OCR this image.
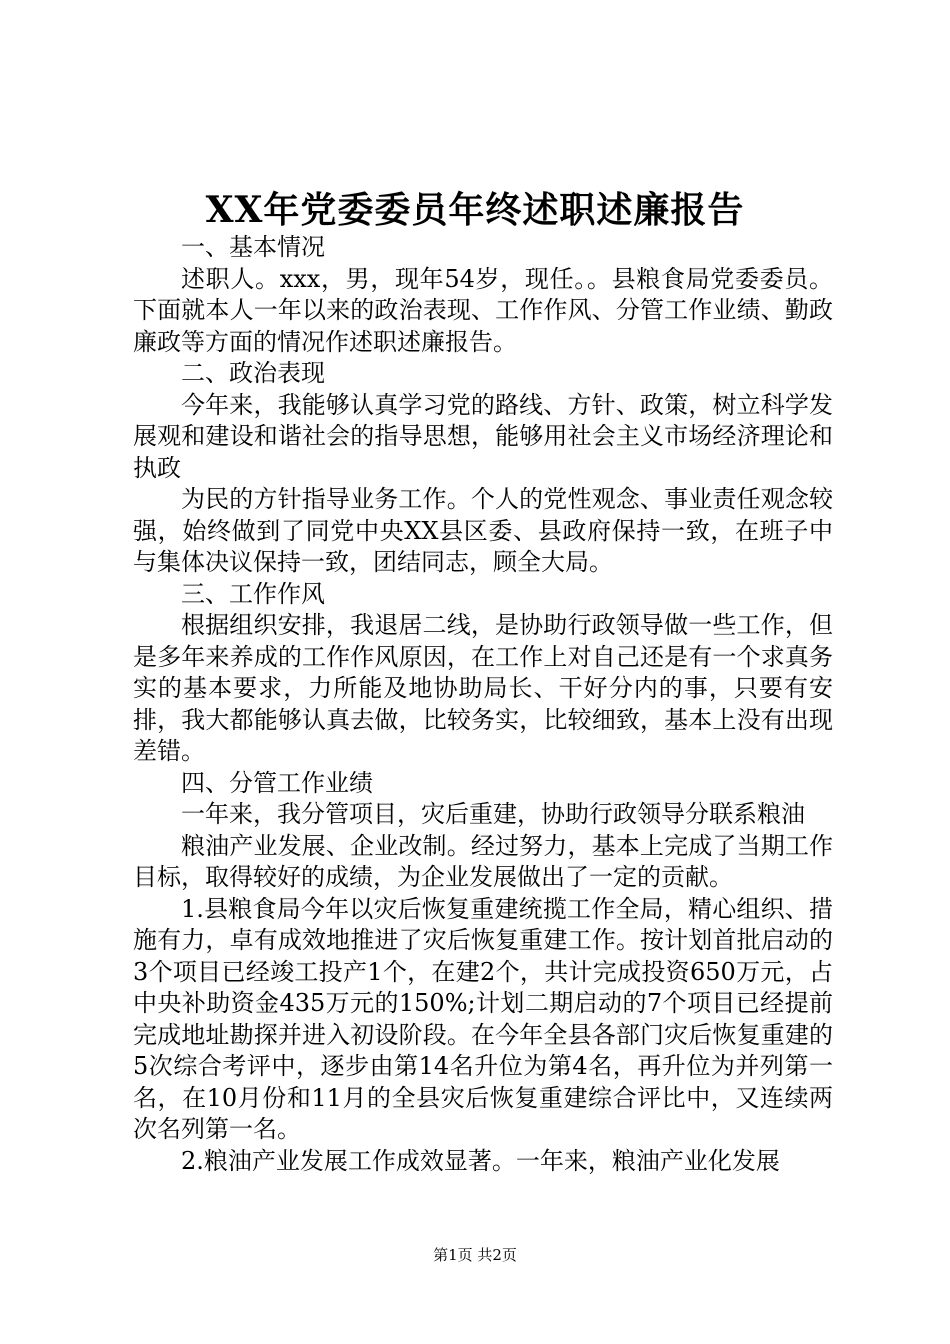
XX年党委委员年终述职述廉报告

一、基本情况

述职人。xxx，男，现年54岁，现任。。县粮食局党委委员。下面就本人一年以来的政治表现、工作作风、分管工作业绩、勤政廉政等方面的情况作述职述廉报告。

二、政治表现

今年来，我能够认真学习党的路线、方针、政策，树立科学发展观和建设和谐社会的指导思想，能够用社会主义市场经济理论和执政

为民的方针指导业务工作。个人的党性观念、事业责任观念较强，始终做到了同党中央XX县区委、县政府保持一致，在班子中与集体决议保持一致，团结同志，顾全大局。

三、工作作风

根据组织安排，我退居二线，是协助行政领导做一些工作，但是多年来养成的工作作风原因，在工作上对自己还是有一个求真务实的基本要求，力所能及地协助局长、干好分内的事，只要有安排，我大都能够认真去做，比较务实，比较细致，基本上没有出现差错。

四、分管工作业绩

一年来，我分管项目，灾后重建，协助行政领导分联系粮油

粮油产业发展、企业改制。经过努力，基本上完成了当期工作目标，取得较好的成绩，为企业发展做出了一定的贡献。

1.县粮食局今年以灾后恢复重建统揽工作全局，精心组织、措施有力，卓有成效地推进了灾后恢复重建工作。按计划首批启动的3个项目已经竣工投产1个，在建2个，共计完成投资650万元，占中央补助资金435万元的150%;计划二期启动的7个项目已经提前完成地址勘探并进入初设阶段。在今年全县各部门灾后恢复重建的5次综合考评中，逐步由第14名升位为第4名，再升位为并列第一名，在10月份和11月的全县灾后恢复重建综合评比中，又连续两次名列第一名。

2.粮油产业发展工作成效显著。一年来，粮油产业化发展

第1页 共2页
